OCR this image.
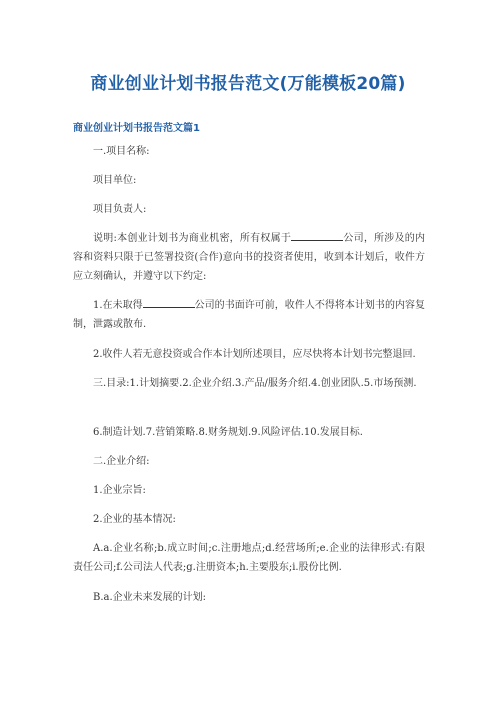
商业创业计划书报告范文(万能模板20篇)
商业创业计划书报告范文篇1
一.项目名称:
项目单位:
项目负责人:
说明:本创业计划书为商业机密，所有权属于	公司，所涉及的内容和资料只限于已签署投资(合作)意向书的投资者使用，收到本计划后，收件方应立刻确认，并遵守以下约定:
1.在未取得	公司的书面许可前，收件人不得将本计划书的内容复制，泄露或散布.
2.收件人若无意投资或合作本计划所述项目，应尽快将本计划书完整退回.
三.目录:1.计划摘要.2.企业介绍.3.产品/服务介绍.4.创业团队.5.市场预测.
6.制造计划.7.营销策略.8.财务规划.9.风险评估.10.发展目标.
二.企业介绍:
1.企业宗旨:
2.企业的基本情况:
A.a.企业名称;b.成立时间;c.注册地点;d.经营场所;e.企业的法律形式:有限责任公司;f.公司法人代表;g.注册资本;h.主要股东;i.股份比例.
B.a.企业未来发展的计划:
